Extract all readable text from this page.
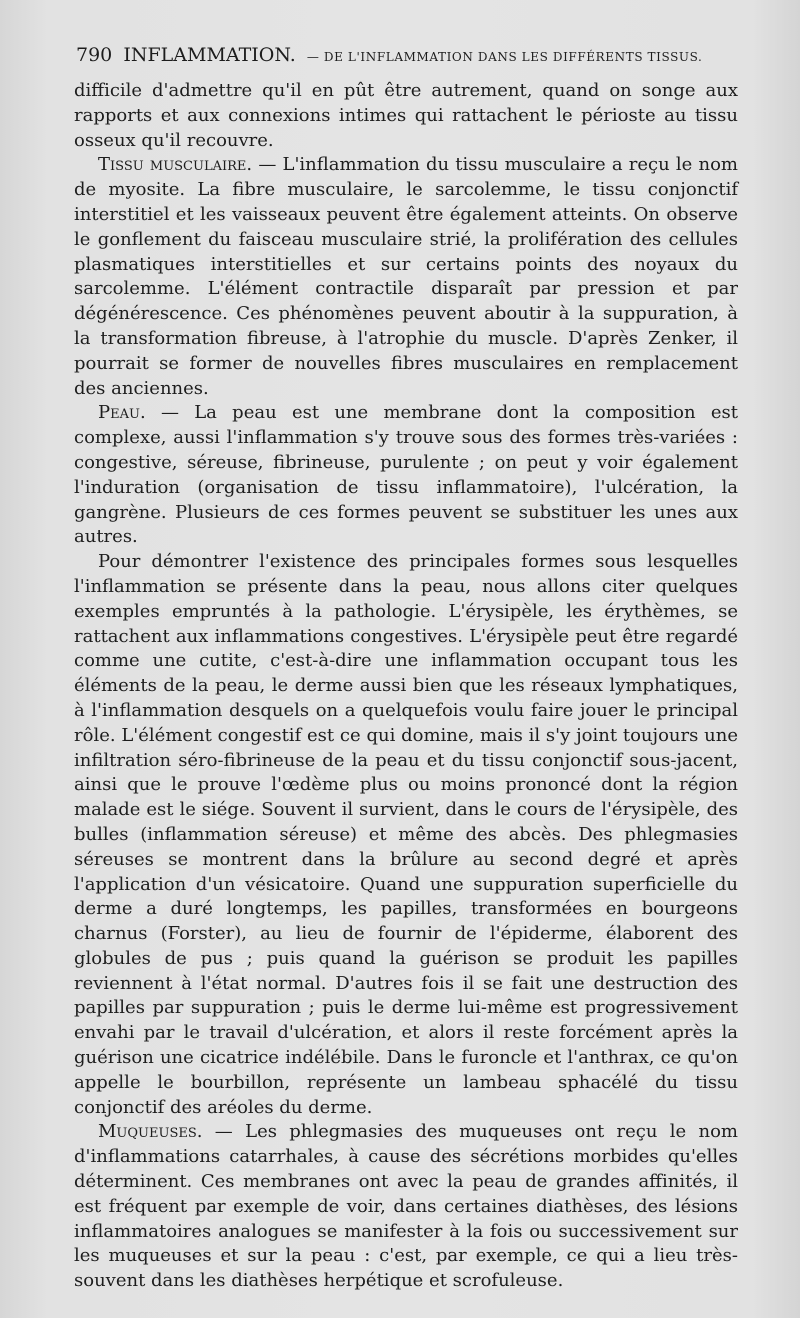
790 INFLAMMATION. — DE L'INFLAMMATION DANS LES DIFFÉRENTS TISSUS.

difficile d'admettre qu'il en pût être autrement, quand on songe aux rapports et aux connexions intimes qui rattachent le périoste au tissu osseux qu'il recouvre.

Tissu musculaire. — L'inflammation du tissu musculaire a reçu le nom de myosite. La fibre musculaire, le sarcolemme, le tissu conjonctif interstitiel et les vaisseaux peuvent être également atteints. On observe le gonflement du faisceau musculaire strié, la prolifération des cellules plasmatiques interstitielles et sur certains points des noyaux du sarcolemme. L'élément contractile disparaît par pression et par dégénérescence. Ces phénomènes peuvent aboutir à la suppuration, à la transformation fibreuse, à l'atrophie du muscle. D'après Zenker, il pourrait se former de nouvelles fibres musculaires en remplacement des anciennes.

Peau. — La peau est une membrane dont la composition est complexe, aussi l'inflammation s'y trouve sous des formes très-variées : congestive, séreuse, fibrineuse, purulente ; on peut y voir également l'induration (organisation de tissu inflammatoire), l'ulcération, la gangrène. Plusieurs de ces formes peuvent se substituer les unes aux autres.

Pour démontrer l'existence des principales formes sous lesquelles l'inflammation se présente dans la peau, nous allons citer quelques exemples empruntés à la pathologie. L'érysipèle, les érythèmes, se rattachent aux inflammations congestives. L'érysipèle peut être regardé comme une cutite, c'est-à-dire une inflammation occupant tous les éléments de la peau, le derme aussi bien que les réseaux lymphatiques, à l'inflammation desquels on a quelquefois voulu faire jouer le principal rôle. L'élément congestif est ce qui domine, mais il s'y joint toujours une infiltration séro-fibrineuse de la peau et du tissu conjonctif sous-jacent, ainsi que le prouve l'œdème plus ou moins prononcé dont la région malade est le siége. Souvent il survient, dans le cours de l'érysipèle, des bulles (inflammation séreuse) et même des abcès. Des phlegmasies séreuses se montrent dans la brûlure au second degré et après l'application d'un vésicatoire. Quand une suppuration superficielle du derme a duré longtemps, les papilles, transformées en bourgeons charnus (Forster), au lieu de fournir de l'épiderme, élaborent des globules de pus ; puis quand la guérison se produit les papilles reviennent à l'état normal. D'autres fois il se fait une destruction des papilles par suppuration ; puis le derme lui-même est progressivement envahi par le travail d'ulcération, et alors il reste forcément après la guérison une cicatrice indélébile. Dans le furoncle et l'anthrax, ce qu'on appelle le bourbillon, représente un lambeau sphacélé du tissu conjonctif des aréoles du derme.

Muqueuses. — Les phlegmasies des muqueuses ont reçu le nom d'inflammations catarrhales, à cause des sécrétions morbides qu'elles déterminent. Ces membranes ont avec la peau de grandes affinités, il est fréquent par exemple de voir, dans certaines diathèses, des lésions inflammatoires analogues se manifester à la fois ou successivement sur les muqueuses et sur la peau : c'est, par exemple, ce qui a lieu très-souvent dans les diathèses herpétique et scrofuleuse.
